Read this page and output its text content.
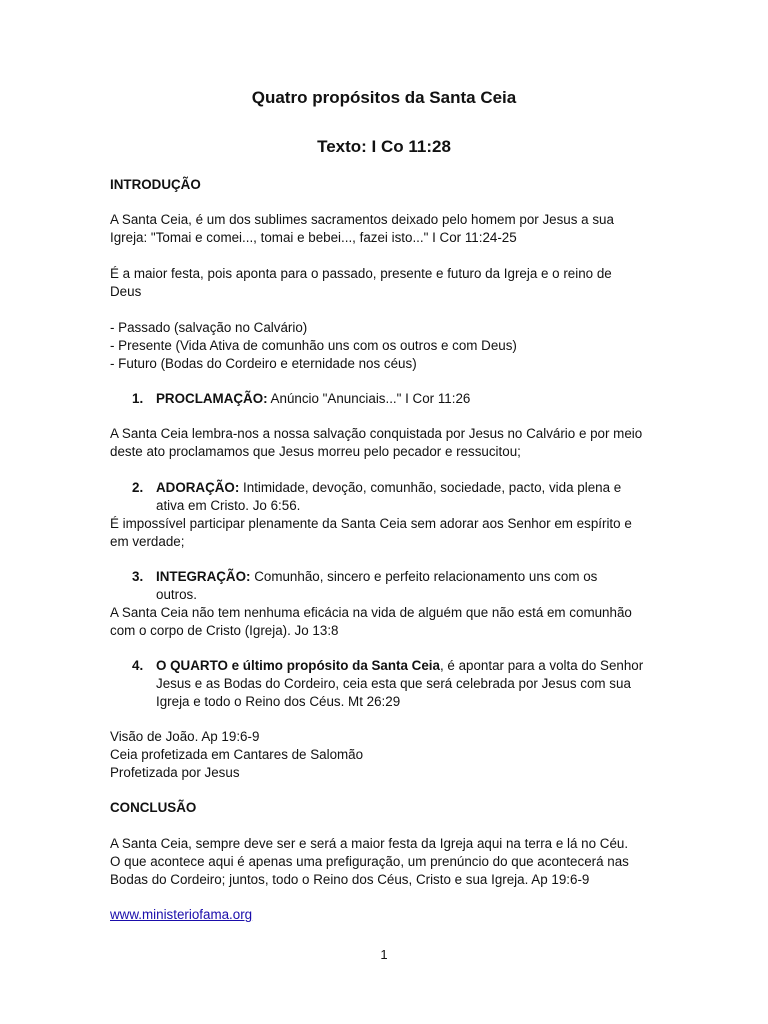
Quatro propósitos da Santa Ceia
Texto: I Co 11:28
INTRODUÇÃO
A Santa Ceia, é um dos sublimes sacramentos deixado pelo homem por Jesus a sua
Igreja: "Tomai e comei..., tomai e bebei..., fazei isto..." I Cor 11:24-25
É a maior festa, pois aponta para o passado, presente e futuro da Igreja e o reino de
Deus
- Passado (salvação no Calvário)
- Presente (Vida Ativa de comunhão uns com os outros e com Deus)
- Futuro (Bodas do Cordeiro e eternidade nos céus)
1. PROCLAMAÇÃO: Anúncio "Anunciais..." I Cor 11:26
A Santa Ceia lembra-nos a nossa salvação conquistada por Jesus no Calvário e por meio
deste ato proclamamos que Jesus morreu pelo pecador e ressucitou;
2. ADORAÇÃO: Intimidade, devoção, comunhão, sociedade, pacto, vida plena e
ativa em Cristo. Jo 6:56.
É impossível participar plenamente da Santa Ceia sem adorar aos Senhor em espírito e
em verdade;
3. INTEGRAÇÃO: Comunhão, sincero e perfeito relacionamento uns com os
outros.
A Santa Ceia não tem nenhuma eficácia na vida de alguém que não está em comunhão
com o corpo de Cristo (Igreja). Jo 13:8
4. O QUARTO e último propósito da Santa Ceia, é apontar para a volta do Senhor
Jesus e as Bodas do Cordeiro, ceia esta que será celebrada por Jesus com sua
Igreja e todo o Reino dos Céus. Mt 26:29
Visão de João. Ap 19:6-9
Ceia profetizada em Cantares de Salomão
Profetizada por Jesus
CONCLUSÃO
A Santa Ceia, sempre deve ser e será a maior festa da Igreja aqui na terra e lá no Céu.
O que acontece aqui é apenas uma prefiguração, um prenúncio do que acontecerá nas
Bodas do Cordeiro; juntos, todo o Reino dos Céus, Cristo e sua Igreja. Ap 19:6-9
www.ministeriofama.org
1
